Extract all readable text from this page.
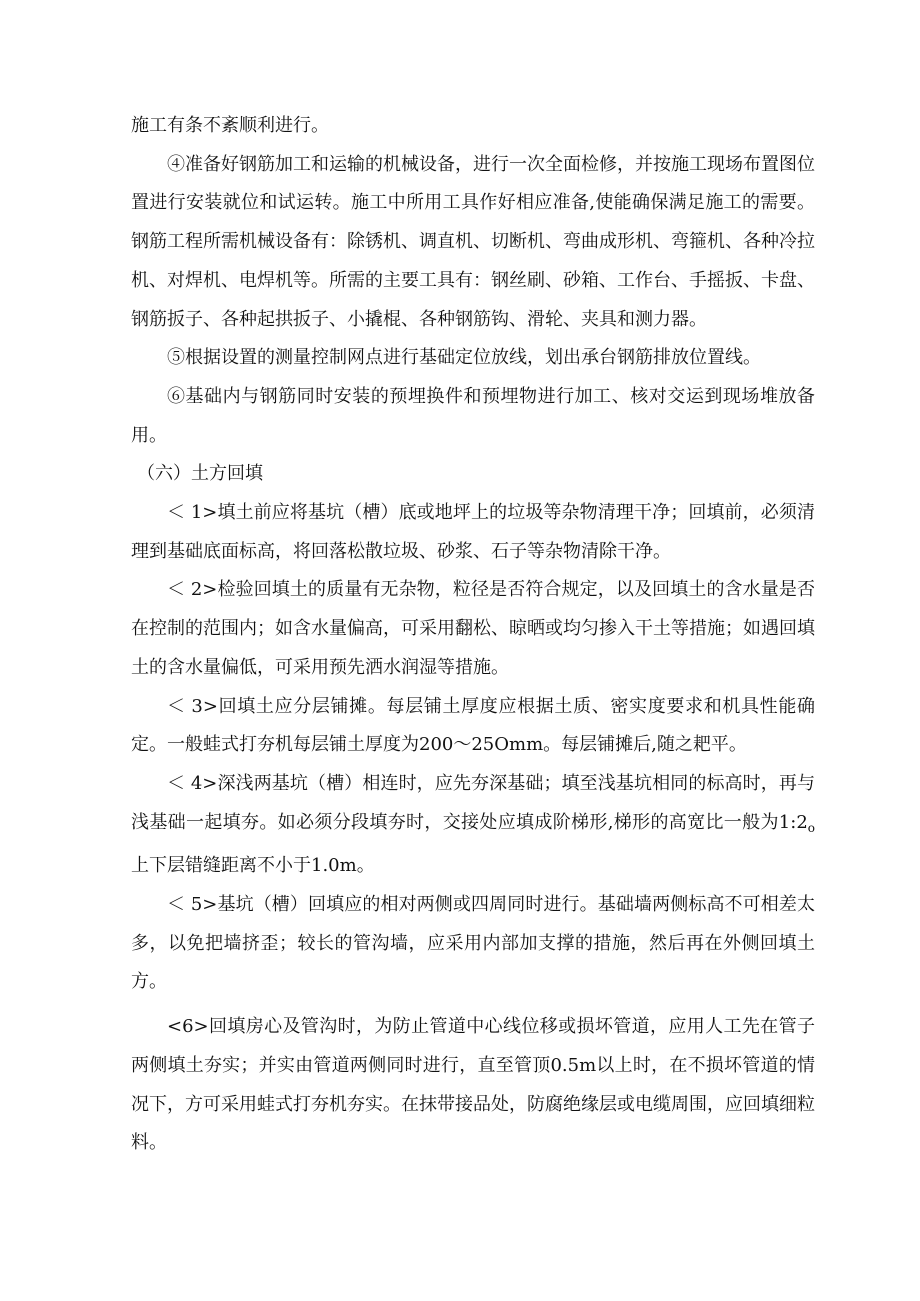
施工有条不紊顺利进行。

④准备好钢筋加工和运输的机械设备，进行一次全面检修，并按施工现场布置图位置进行安装就位和试运转。施工中所用工具作好相应准备,使能确保满足施工的需要。钢筋工程所需机械设备有：除锈机、调直机、切断机、弯曲成形机、弯箍机、各种冷拉机、对焊机、电焊机等。所需的主要工具有：钢丝刷、砂箱、工作台、手摇扳、卡盘、钢筋扳子、各种起拱扳子、小撬棍、各种钢筋钩、滑轮、夹具和测力器。

⑤根据设置的测量控制网点进行基础定位放线，划出承台钢筋排放位置线。

⑥基础内与钢筋同时安装的预埋换件和预埋物进行加工、核对交运到现场堆放备用。

（六）土方回填

＜ 1>填土前应将基坑（槽）底或地坪上的垃圾等杂物清理干净；回填前，必须清理到基础底面标高，将回落松散垃圾、砂浆、石子等杂物清除干净。

＜ 2>检验回填土的质量有无杂物，粒径是否符合规定，以及回填土的含水量是否在控制的范围内；如含水量偏高，可采用翻松、晾晒或均匀掺入干土等措施；如遇回填土的含水量偏低，可采用预先洒水润湿等措施。

＜ 3>回填土应分层铺摊。每层铺土厚度应根据土质、密实度要求和机具性能确定。一般蛙式打夯机每层铺土厚度为200～25Omm。每层铺摊后,随之耙平。

＜ 4>深浅两基坑（槽）相连时，应先夯深基础；填至浅基坑相同的标高时，再与浅基础一起填夯。如必须分段填夯时，交接处应填成阶梯形,梯形的高宽比一般为$1:2_o$上下层错缝距离不小于1.0m。

＜ 5>基坑（槽）回填应的相对两侧或四周同时进行。基础墙两侧标高不可相差太多，以免把墙挤歪；较长的管沟墙，应采用内部加支撑的措施，然后再在外侧回填土方。

<6>回填房心及管沟时，为防止管道中心线位移或损坏管道，应用人工先在管子两侧填土夯实；并实由管道两侧同时进行，直至管顶0.5m以上时，在不损坏管道的情况下，方可采用蛙式打夯机夯实。在抹带接品处，防腐绝缘层或电缆周围，应回填细粒料。
